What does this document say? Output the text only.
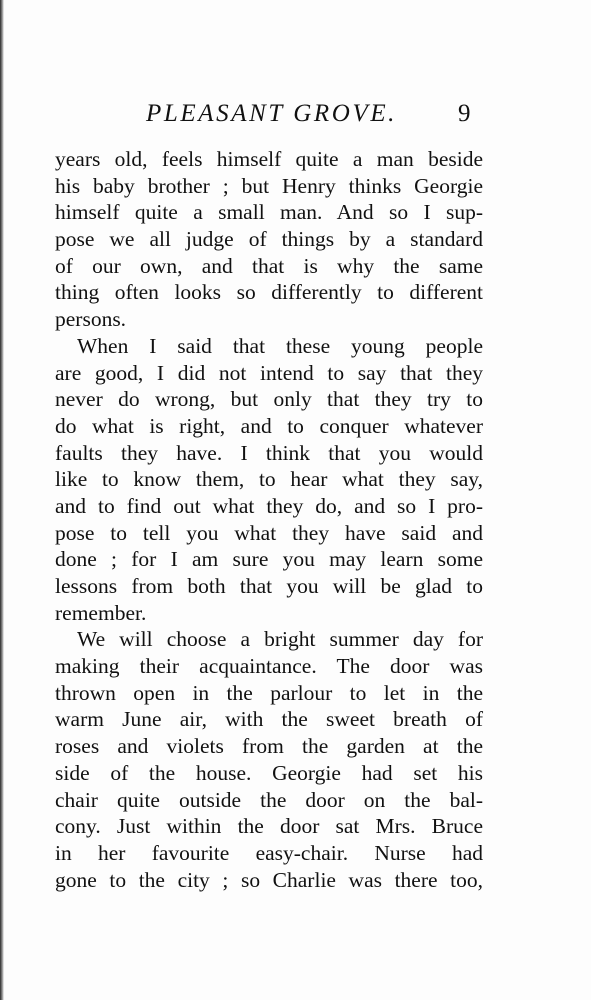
PLEASANT GROVE. 9
years old, feels himself quite a man beside
his baby brother ; but Henry thinks Georgie
himself quite a small man. And so I sup-
pose we all judge of things by a standard
of our own, and that is why the same
thing often looks so differently to different
persons.
When I said that these young people
are good, I did not intend to say that they
never do wrong, but only that they try to
do what is right, and to conquer whatever
faults they have. I think that you would
like to know them, to hear what they say,
and to find out what they do, and so I pro-
pose to tell you what they have said and
done ; for I am sure you may learn some
lessons from both that you will be glad to
remember.
We will choose a bright summer day for
making their acquaintance. The door was
thrown open in the parlour to let in the
warm June air, with the sweet breath of
roses and violets from the garden at the
side of the house. Georgie had set his
chair quite outside the door on the bal-
cony. Just within the door sat Mrs. Bruce
in her favourite easy-chair. Nurse had
gone to the city ; so Charlie was there too,
